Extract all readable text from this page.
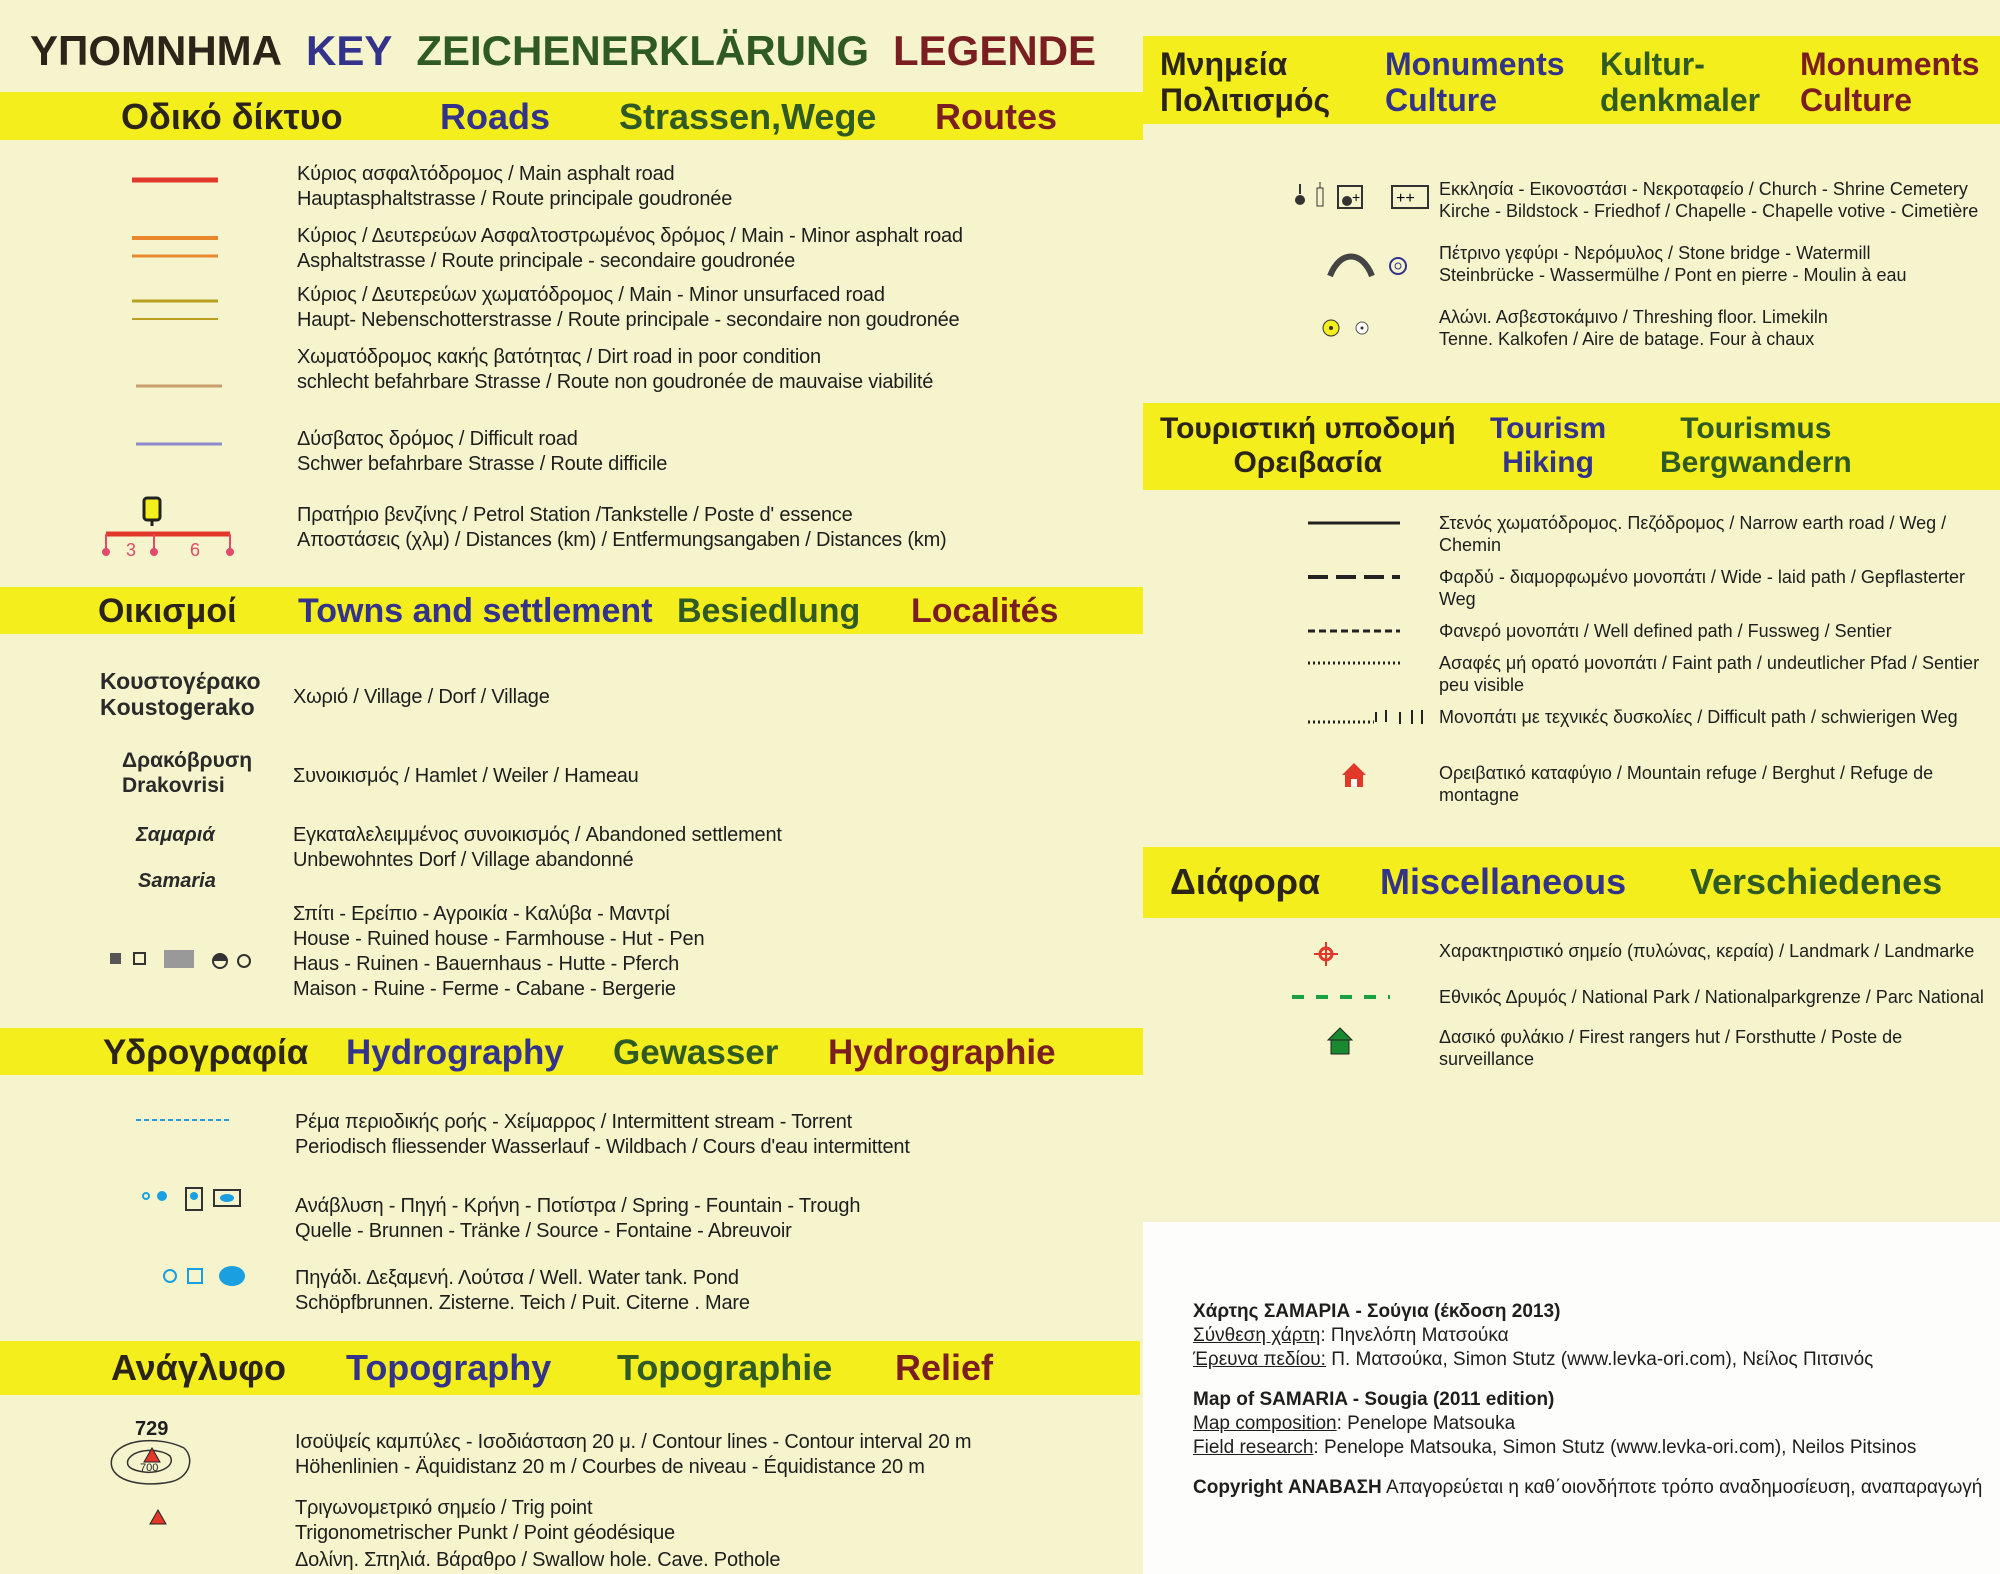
ΥΠΟΜΝΗΜΑ KEY ZEICHENERKLÄRUNG LEGENDE
Οδικό δίκτυο	Roads Strassen,Wege Routes
3	6
Κύριος ασφαλτόδρομος / Main asphalt road
Hauptasphaltstrasse / Route principale goudronée
Κύριος / Δευτερεύων Ασφαλτοστρωμένος δρόμος / Main - Minor asphalt road
Asphaltstrasse / Route principale - secondaire goudronée
Κύριος / Δευτερεύων χωματόδρομος / Main - Minor unsurfaced road
Haupt- Nebenschotterstrasse / Route principale - secondaire non goudronée
Χωματόδρομος κακής βατότητας / Dirt road in poor condition
schlecht befahrbare Strasse / Route non goudronée de mauvaise viabilité
Δύσβατος δρόμος / Difficult road
Schwer befahrbare Strasse / Route difficile
Πρατήριο βενζίνης / Petrol Station /Tankstelle / Poste d' essence
Αποστάσεις (χλμ) / Distances (km) / Entfermungsangaben / Distances (km)
Οικισμοί Towns and settlement Besiedlung Localités
Κουστογέρακο
Koustogerako
Δρακόβρυση
Drakovrisi
Σαμαριά
Samaria
Χωριό / Village / Dorf / Village
Συνοικισμός / Hamlet / Weiler / Hameau
Εγκαταλελειμμένος συνοικισμός / Abandoned settlement
Unbewohntes Dorf / Village abandonné
Σπίτι - Ερείπιο - Αγροικία - Καλύβα - Μαντρί
House - Ruined house - Farmhouse - Hut - Pen
Haus - Ruinen - Bauernhaus - Hutte - Pferch
Maison - Ruine - Ferme - Cabane - Bergerie
Υδρογραφία Hydrography Gewasser Hydrographie
Ρέμα περιοδικής ροής - Χείμαρρος / Intermittent stream - Torrent
Periodisch fliessender Wasserlauf - Wildbach / Cours d'eau intermittent
Ανάβλυση - Πηγή - Κρήνη - Ποτίστρα / Spring - Fountain - Trough
Quelle - Brunnen - Tränke / Source - Fontaine - Abreuvoir
Πηγάδι. Δεξαμενή. Λούτσα / Well. Water tank. Pond
Schöpfbrunnen. Zisterne. Teich / Puit. Citerne . Mare
Ανάγλυφο Topography Topographie Relief
729
700
Ισοϋψείς καμπύλες - Ισοδιάσταση 20 μ. / Contour lines - Contour interval 20 m
Höhenlinien - Äquidistanz 20 m / Courbes de niveau - Équidistance 20 m
Τριγωνομετρικό σημείο / Trig point
Trigonometrischer Punkt / Point géodésique
Δολίνη. Σπηλιά. Βάραθρο / Swallow hole. Cave. Pothole
Μνημεία
Πολιτισμός
Monuments
Culture
Kultur-
denkmaler
Monuments
Culture
+ ++ Εκκλησία - Εικονοστάσι - Νεκροταφείο / Church - Shrine Cemetery
Kirche - Bildstock - Friedhof / Chapelle - Chapelle votive - Cimetière
Πέτρινο γεφύρι - Νερόμυλος / Stone bridge - Watermill
Steinbrücke - Wassermülhe / Pont en pierre - Moulin à eau
Αλώνι. Ασβεστοκάμινο / Threshing floor. Limekiln
Tenne. Kalkofen / Aire de batage. Four à chaux
Τουριστική υποδομή
Ορειβασία
Tourism
Hiking
Tourismus
Bergwandern
Στενός χωματόδρομος. Πεζόδρομος / Narrow earth road / Weg / Chemin
Φαρδύ - διαμορφωμένο μονοπάτι / Wide - laid path / Gepflasterter Weg
Φανερό μονοπάτι / Well defined path / Fussweg / Sentier
Ασαφές μή ορατό μονοπάτι / Faint path / undeutlicher Pfad / Sentier peu visible
Μονοπάτι με τεχνικές δυσκολίες / Difficult path / schwierigen Weg
Ορειβατικό καταφύγιο / Mountain refuge / Berghut / Refuge de montagne
Διάφορα Miscellaneous Verschiedenes
Χαρακτηριστικό σημείο (πυλώνας, κεραία) / Landmark / Landmarke
Εθνικός Δρυμός / National Park / Nationalparkgrenze / Parc National
Δασικό φυλάκιο / Firest rangers hut / Forsthutte / Poste de surveillance
Χάρτης ΣΑΜΑΡΙΑ - Σούγια (έκδοση 2013)
Σύνθεση χάρτη: Πηνελόπη Ματσούκα
Έρευνα πεδίου: Π. Ματσούκα, Simon Stutz (www.levka-ori.com), Νείλος Πιτσινός
Map of SAMARIA - Sougia (2011 edition)
Map composition: Penelope Matsouka
Field research: Penelope Matsouka, Simon Stutz (www.levka-ori.com), Neilos Pitsinos
Copyright ΑΝΑΒΑΣΗ Απαγορεύεται η καθ΄οιονδήποτε τρόπο αναδημοσίευση, αναπαραγωγή
